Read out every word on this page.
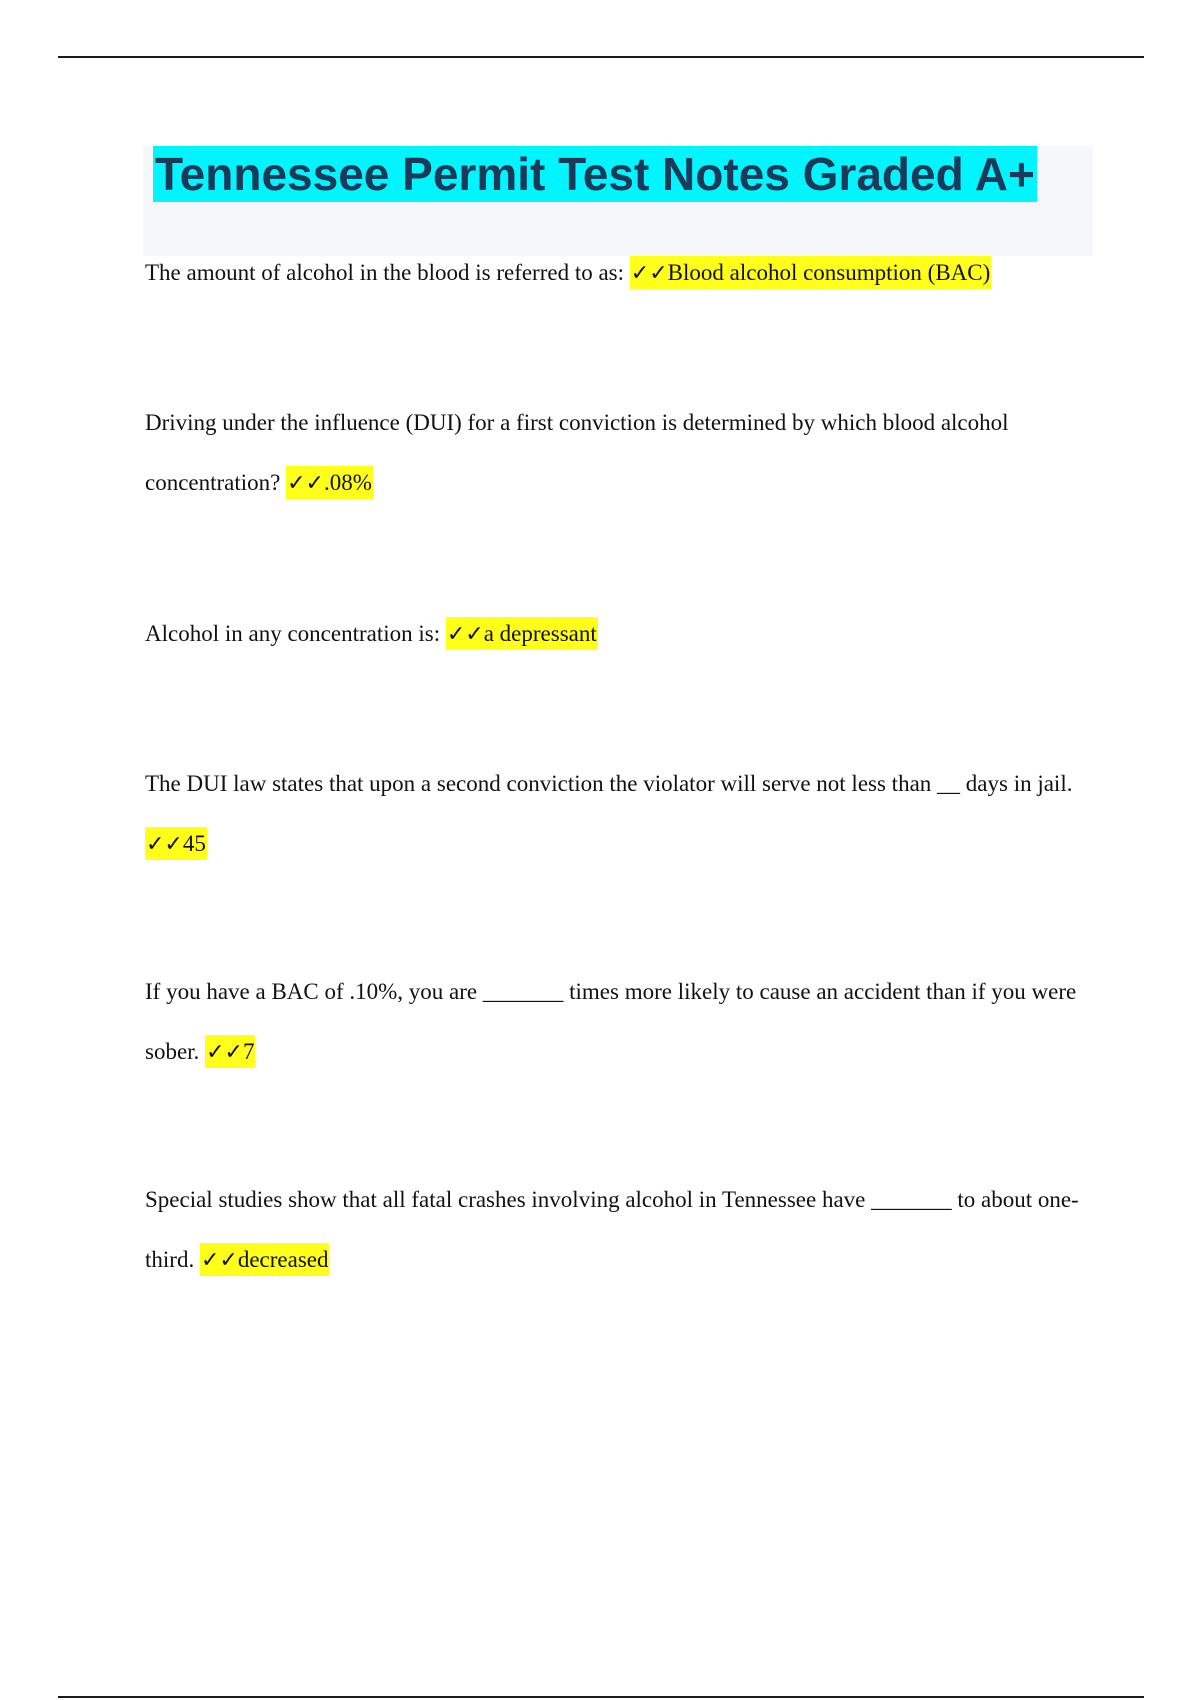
Tennessee Permit Test Notes Graded A+
The amount of alcohol in the blood is referred to as: ✓✓Blood alcohol consumption (BAC)
Driving under the influence (DUI) for a first conviction is determined by which blood alcohol concentration? ✓✓.08%
Alcohol in any concentration is: ✓✓a depressant
The DUI law states that upon a second conviction the violator will serve not less than __ days in jail. ✓✓45
If you have a BAC of .10%, you are _______ times more likely to cause an accident than if you were sober. ✓✓7
Special studies show that all fatal crashes involving alcohol in Tennessee have _______ to about one-third. ✓✓decreased
